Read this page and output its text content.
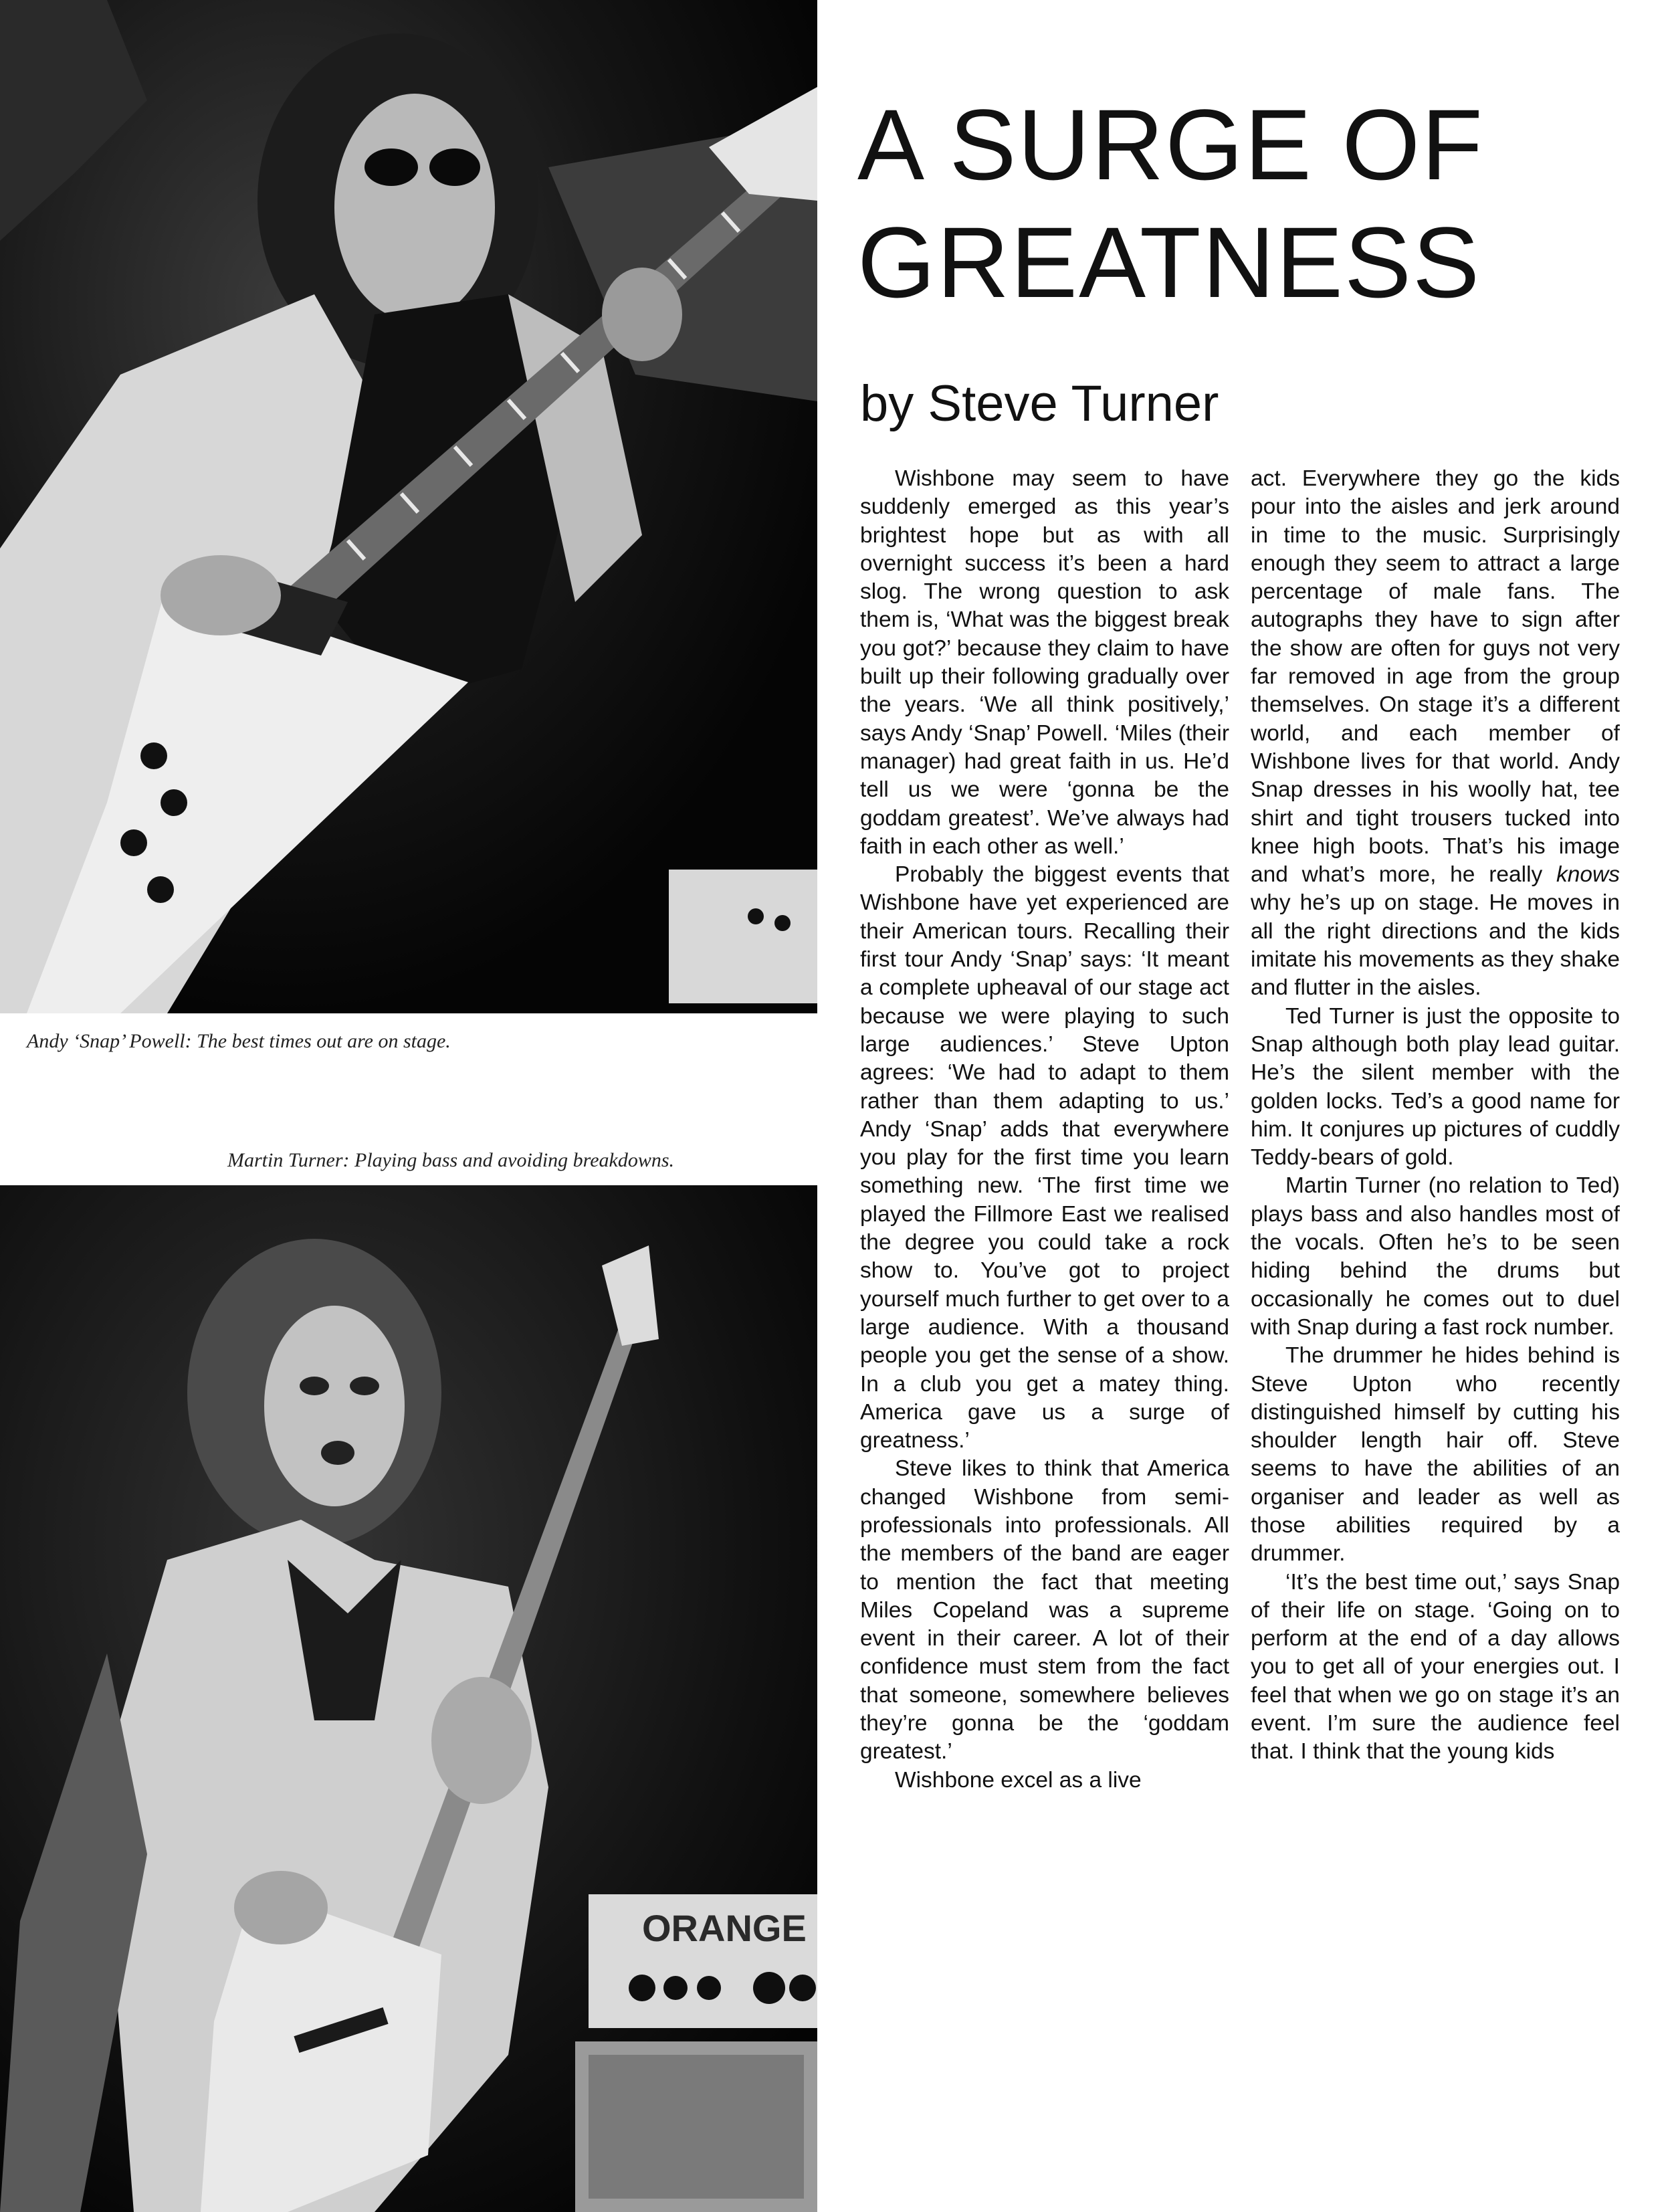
Andy ‘Snap’ Powell: The best times out are on stage.
Martin Turner: Playing bass and avoiding breakdowns.
ORANGE
A SURGE OF GREATNESS
by Steve Turner

Wishbone may seem to have suddenly emerged as this year’s brightest hope but as with all overnight success it’s been a hard slog. The wrong question to ask them is, ‘What was the biggest break you got?’ because they claim to have built up their following gradually over the years. ‘We all think positively,’ says Andy ‘Snap’ Powell. ‘Miles (their manager) had great faith in us. He’d tell us we were ‘gonna be the goddam greatest’. We’ve always had faith in each other as well.’

Probably the biggest events that Wishbone have yet experienced are their American tours. Recalling their first tour Andy ‘Snap’ says: ‘It meant a complete upheaval of our stage act because we were playing to such large audiences.’ Steve Upton agrees: ‘We had to adapt to them rather than them adapting to us.’ Andy ‘Snap’ adds that everywhere you play for the first time you learn something new. ‘The first time we played the Fillmore East we realised the degree you could take a rock show to. You’ve got to project yourself much further to get over to a large audience. With a thousand people you get the sense of a show. In a club you get a matey thing. America gave us a surge of greatness.’

Steve likes to think that America changed Wishbone from semi-professionals into professionals. All the members of the band are eager to mention the fact that meeting Miles Copeland was a supreme event in their career. A lot of their confidence must stem from the fact that someone, somewhere believes they’re gonna be the ‘goddam greatest.’

Wishbone excel as a live

act. Everywhere they go the kids pour into the aisles and jerk around in time to the music. Surprisingly enough they seem to attract a large percentage of male fans. The autographs they have to sign after the show are often for guys not very far removed in age from the group themselves. On stage it’s a different world, and each member of Wishbone lives for that world. Andy Snap dresses in his woolly hat, tee shirt and tight trousers tucked into knee high boots. That’s his image and what’s more, he really knows why he’s up on stage. He moves in all the right directions and the kids imitate his movements as they shake and flutter in the aisles.

Ted Turner is just the opposite to Snap although both play lead guitar. He’s the silent member with the golden locks. Ted’s a good name for him. It conjures up pictures of cuddly Teddy-bears of gold.

Martin Turner (no relation to Ted) plays bass and also handles most of the vocals. Often he’s to be seen hiding behind the drums but occasionally he comes out to duel with Snap during a fast rock number.

The drummer he hides behind is Steve Upton who recently distinguished himself by cutting his shoulder length hair off. Steve seems to have the abilities of an organiser and leader as well as those abilities required by a drummer.

‘It’s the best time out,’ says Snap of their life on stage. ‘Going on to perform at the end of a day allows you to get all of your energies out. I feel that when we go on stage it’s an event. I’m sure the audience feel that. I think that the young kids
